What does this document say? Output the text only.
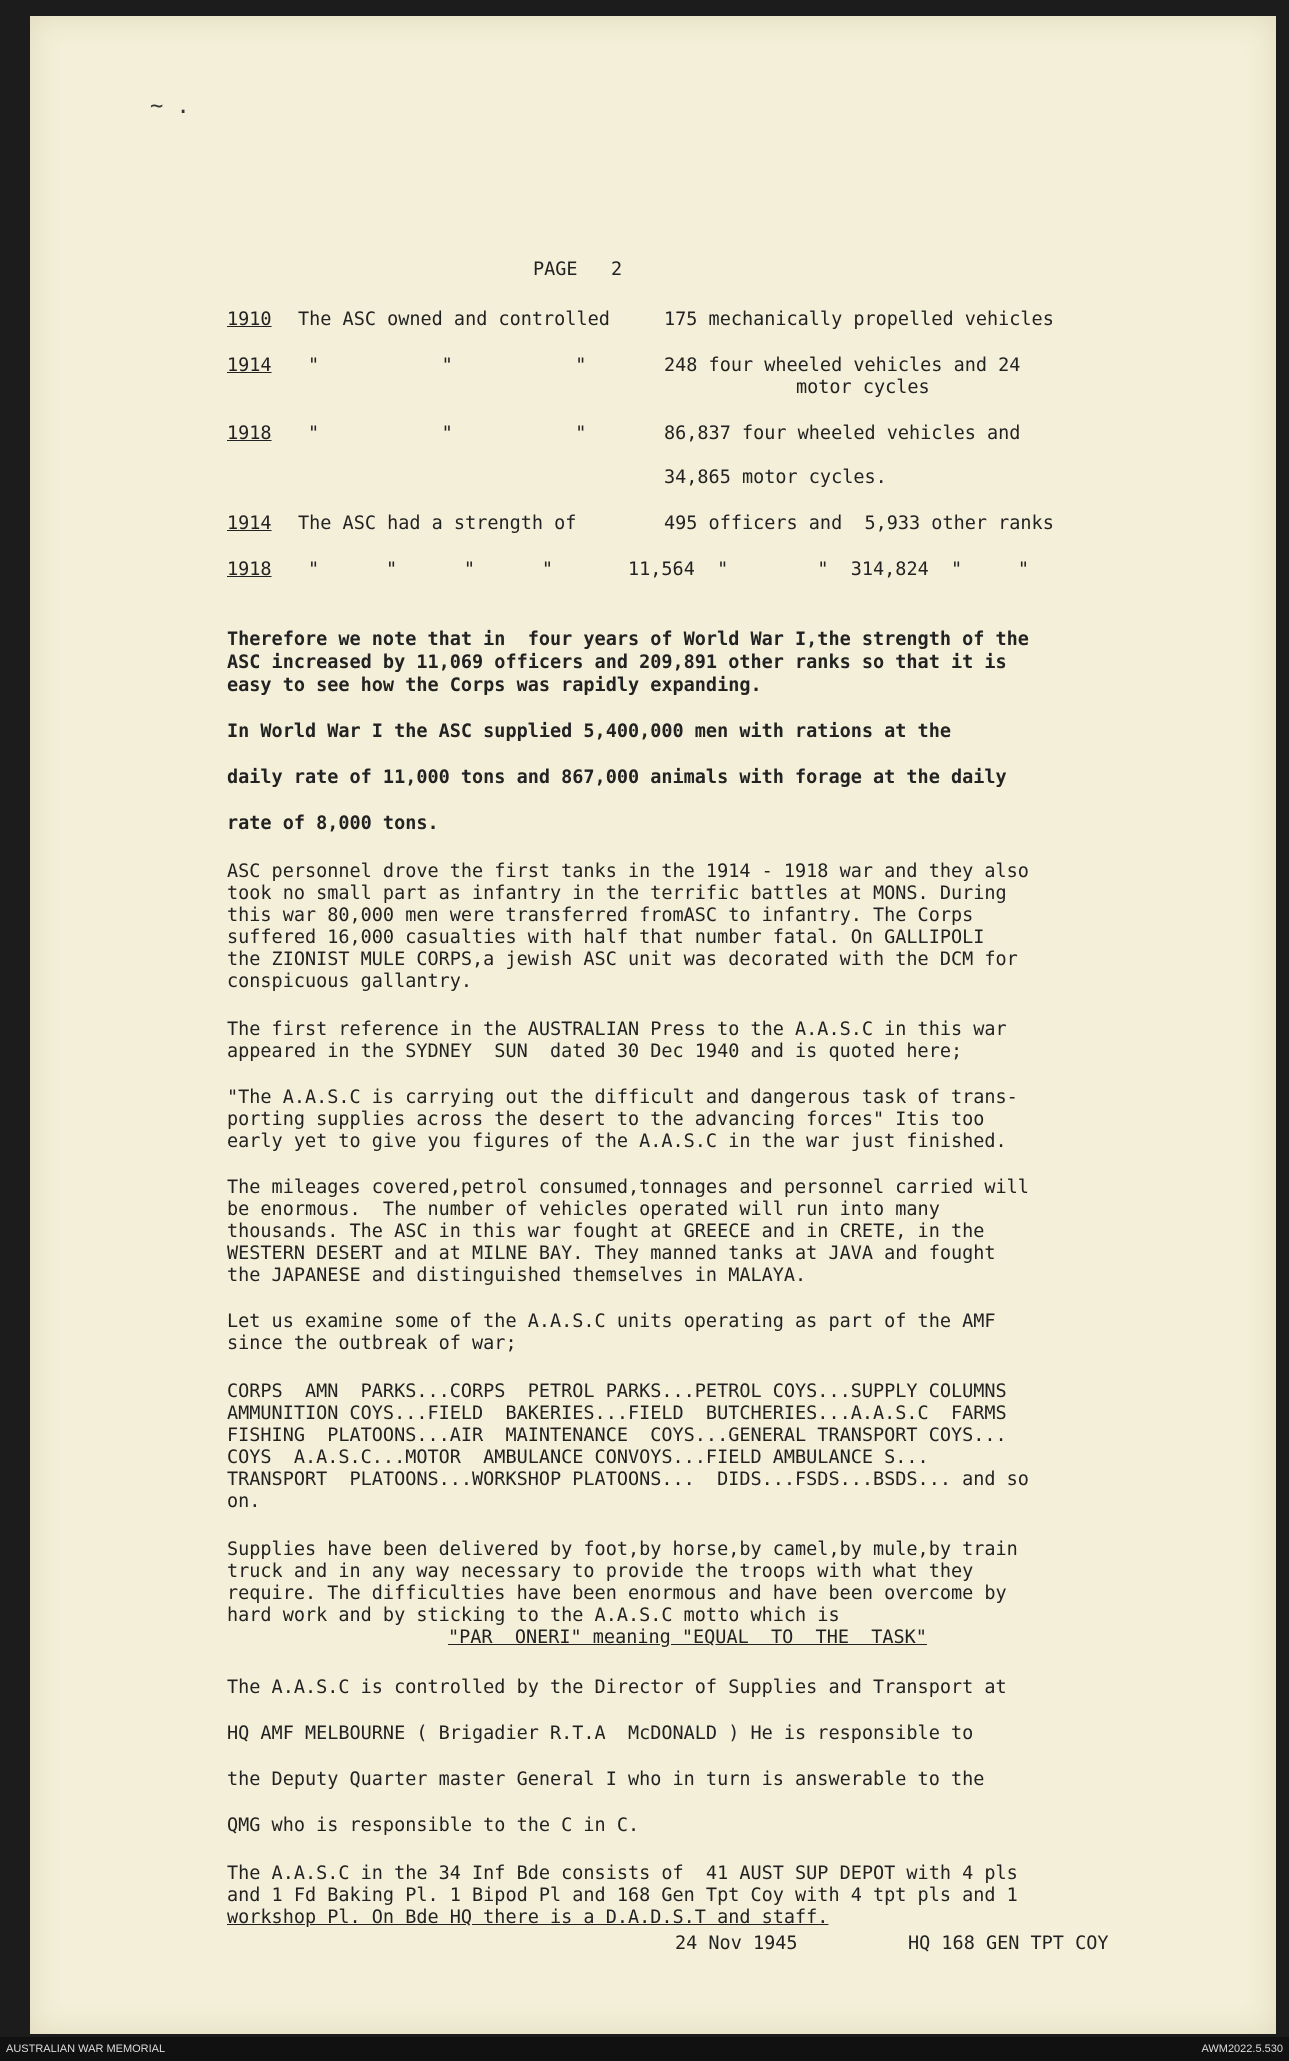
~ .
PAGE   2
1910 The ASC owned and controlled	175 mechanically propelled vehicles
1914 "           "           "	248 four wheeled vehicles and 24
motor cycles
1918 "           "           "	86,837 four wheeled vehicles and
34,865 motor cycles.
1914 The ASC had a strength of	495 officers and  5,933 other ranks
1918 "      "      "      "	11,564  "        "  314,824  "     "
Therefore we note that in  four years of World War I,the strength of the
ASC increased by 11,069 officers and 209,891 other ranks so that it is
easy to see how the Corps was rapidly expanding.
In World War I the ASC supplied 5,400,000 men with rations at the
daily rate of 11,000 tons and 867,000 animals with forage at the daily
rate of 8,000 tons.
ASC personnel drove the first tanks in the 1914 - 1918 war and they also
took no small part as infantry in the terrific battles at MONS. During
this war 80,000 men were transferred fromASC to infantry. The Corps
suffered 16,000 casualties with half that number fatal. On GALLIPOLI
the ZIONIST MULE CORPS,a jewish ASC unit was decorated with the DCM for
conspicuous gallantry.
The first reference in the AUSTRALIAN Press to the A.A.S.C in this war
appeared in the SYDNEY  SUN  dated 30 Dec 1940 and is quoted here;
"The A.A.S.C is carrying out the difficult and dangerous task of trans-
porting supplies across the desert to the advancing forces" Itis too
early yet to give you figures of the A.A.S.C in the war just finished.
The mileages covered,petrol consumed,tonnages and personnel carried will
be enormous.  The number of vehicles operated will run into many
thousands. The ASC in this war fought at GREECE and in CRETE, in the
WESTERN DESERT and at MILNE BAY. They manned tanks at JAVA and fought
the JAPANESE and distinguished themselves in MALAYA.
Let us examine some of the A.A.S.C units operating as part of the AMF
since the outbreak of war;
CORPS  AMN  PARKS...CORPS  PETROL PARKS...PETROL COYS...SUPPLY COLUMNS
AMMUNITION COYS...FIELD  BAKERIES...FIELD  BUTCHERIES...A.A.S.C  FARMS
FISHING  PLATOONS...AIR  MAINTENANCE  COYS...GENERAL TRANSPORT COYS...
COYS  A.A.S.C...MOTOR  AMBULANCE CONVOYS...FIELD AMBULANCE S...
TRANSPORT  PLATOONS...WORKSHOP PLATOONS...  DIDS...FSDS...BSDS... and so
on.
Supplies have been delivered by foot,by horse,by camel,by mule,by train
truck and in any way necessary to provide the troops with what they
require. The difficulties have been enormous and have been overcome by
hard work and by sticking to the A.A.S.C motto which is
"PAR  ONERI" meaning "EQUAL  TO  THE  TASK"
The A.A.S.C is controlled by the Director of Supplies and Transport at
HQ AMF MELBOURNE ( Brigadier R.T.A  McDONALD ) He is responsible to
the Deputy Quarter master General I who in turn is answerable to the
QMG who is responsible to the C in C.
The A.A.S.C in the 34 Inf Bde consists of  41 AUST SUP DEPOT with 4 pls
and 1 Fd Baking Pl. 1 Bipod Pl and 168 Gen Tpt Coy with 4 tpt pls and 1
workshop Pl. On Bde HQ there is a D.A.D.S.T and staff.
24 Nov 1945	HQ 168 GEN TPT COY
AUSTRALIAN WAR MEMORIAL	AWM2022.5.530
